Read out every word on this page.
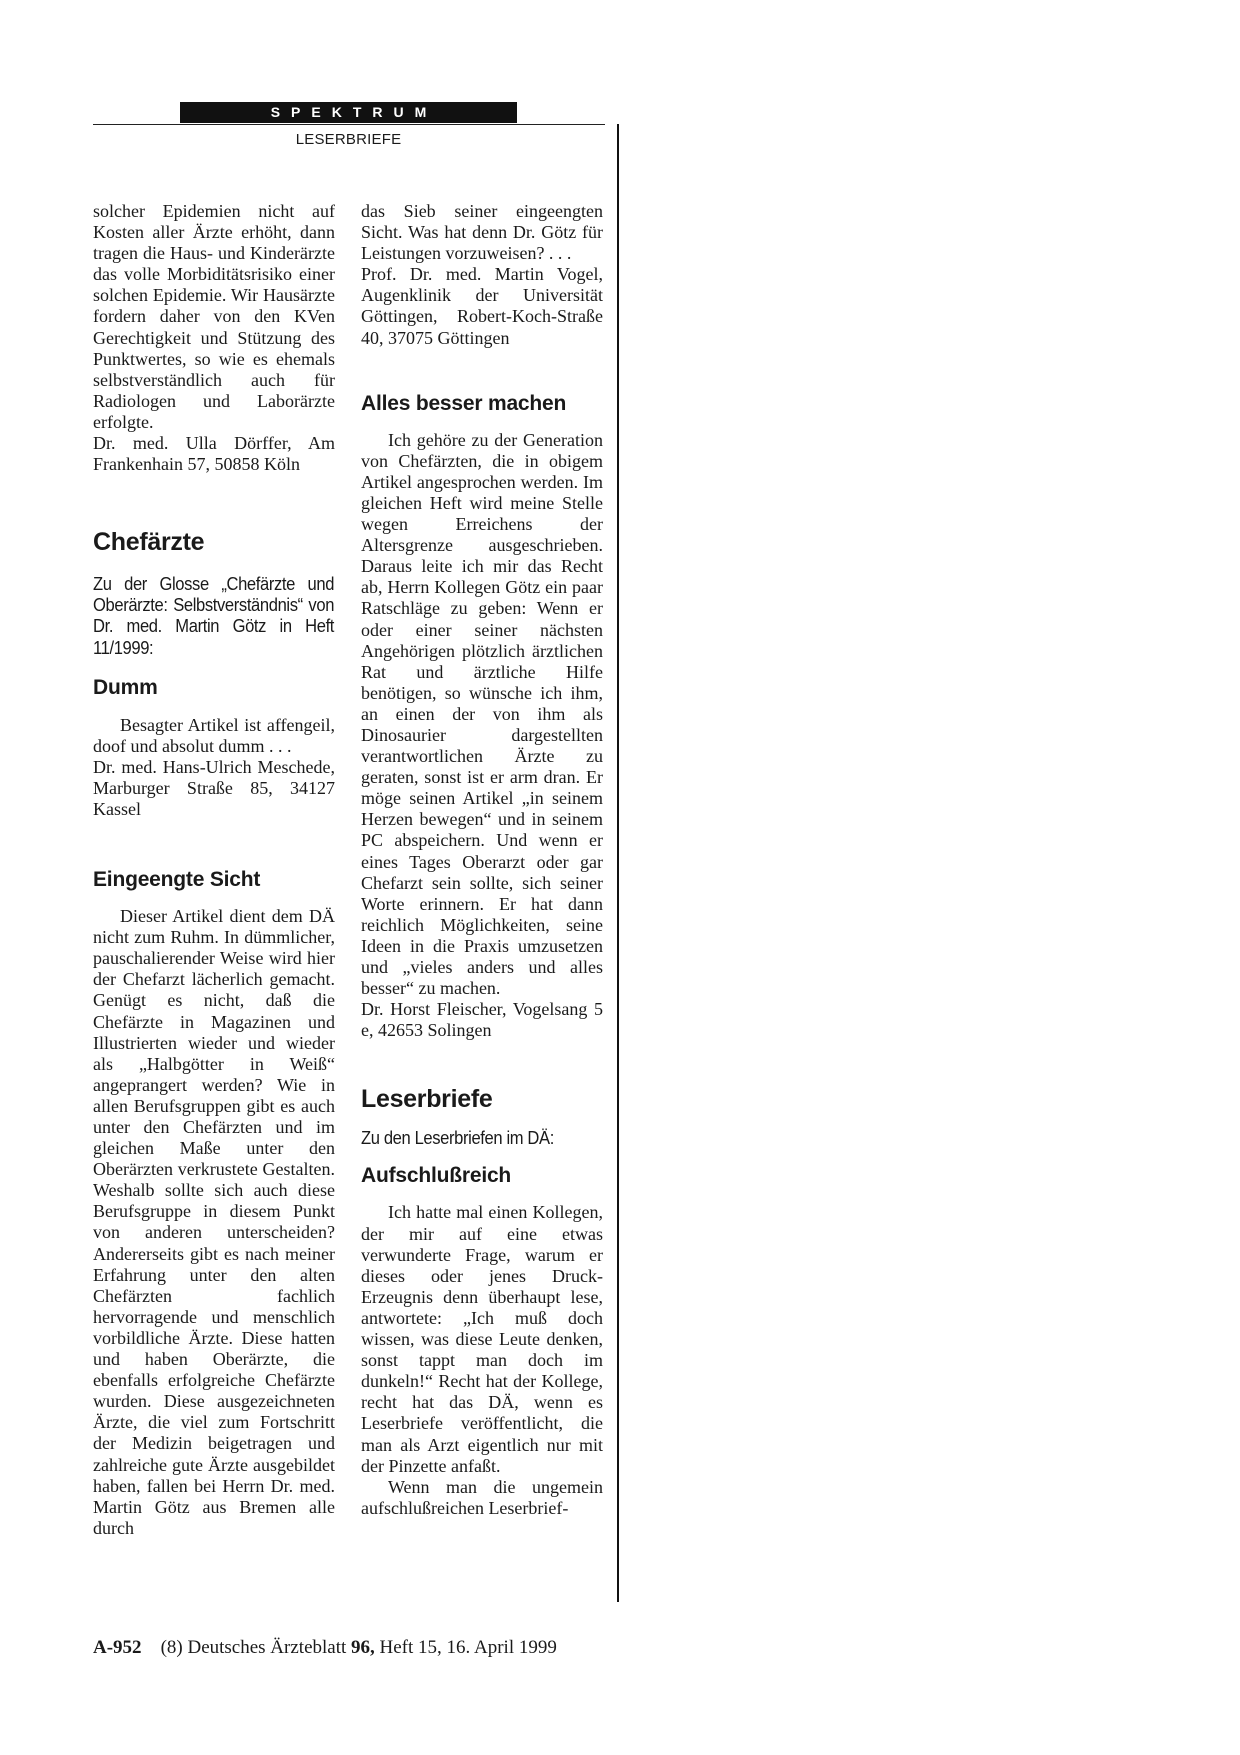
SPEKTRUM
LESERBRIEFE

solcher Epidemien nicht auf Kosten aller Ärzte erhöht, dann tragen die Haus- und Kinderärzte das volle Morbiditätsrisiko einer solchen Epidemie. Wir Hausärzte fordern daher von den KVen Gerechtigkeit und Stützung des Punktwertes, so wie es ehemals selbstverständlich auch für Radiologen und Laborärzte erfolgte.

Dr. med. Ulla Dörffer, Am Frankenhain 57, 50858 Köln

Chefärzte

Zu der Glosse „Chefärzte und Oberärzte: Selbstverständnis“ von Dr. med. Martin Götz in Heft 11/1999:

Dumm

Besagter Artikel ist affengeil, doof und absolut dumm . . .

Dr. med. Hans-Ulrich Meschede, Marburger Straße 85, 34127 Kassel

Eingeengte Sicht

Dieser Artikel dient dem DÄ nicht zum Ruhm. In dümmlicher, pauschalierender Weise wird hier der Chefarzt lächerlich gemacht. Genügt es nicht, daß die Chefärzte in Magazinen und Illustrierten wieder und wieder als „Halbgötter in Weiß“ angeprangert werden? Wie in allen Berufsgruppen gibt es auch unter den Chefärzten und im gleichen Maße unter den Oberärzten verkrustete Gestalten. Weshalb sollte sich auch diese Berufsgruppe in diesem Punkt von anderen unterscheiden? Andererseits gibt es nach meiner Erfahrung unter den alten Chefärzten fachlich hervorragende und menschlich vorbildliche Ärzte. Diese hatten und haben Oberärzte, die ebenfalls erfolgreiche Chefärzte wurden. Diese ausgezeichneten Ärzte, die viel zum Fortschritt der Medizin beigetragen und zahlreiche gute Ärzte ausgebildet haben, fallen bei Herrn Dr. med. Martin Götz aus Bremen alle durch

das Sieb seiner eingeengten Sicht. Was hat denn Dr. Götz für Leistungen vorzuweisen? . . .

Prof. Dr. med. Martin Vogel, Augenklinik der Universität Göttingen, Robert-Koch-Straße 40, 37075 Göttingen

Alles besser machen

Ich gehöre zu der Generation von Chefärzten, die in obigem Artikel angesprochen werden. Im gleichen Heft wird meine Stelle wegen Erreichens der Altersgrenze ausgeschrieben. Daraus leite ich mir das Recht ab, Herrn Kollegen Götz ein paar Ratschläge zu geben: Wenn er oder einer seiner nächsten Angehörigen plötzlich ärztlichen Rat und ärztliche Hilfe benötigen, so wünsche ich ihm, an einen der von ihm als Dinosaurier dargestellten verantwortlichen Ärzte zu geraten, sonst ist er arm dran. Er möge seinen Artikel „in seinem Herzen bewegen“ und in seinem PC abspeichern. Und wenn er eines Tages Oberarzt oder gar Chefarzt sein sollte, sich seiner Worte erinnern. Er hat dann reichlich Möglichkeiten, seine Ideen in die Praxis umzusetzen und „vieles anders und alles besser“ zu machen.

Dr. Horst Fleischer, Vogelsang 5 e, 42653 Solingen

Leserbriefe

Zu den Leserbriefen im DÄ:

Aufschlußreich

Ich hatte mal einen Kollegen, der mir auf eine etwas verwunderte Frage, warum er dieses oder jenes Druck-Erzeugnis denn überhaupt lese, antwortete: „Ich muß doch wissen, was diese Leute denken, sonst tappt man doch im dunkeln!“ Recht hat der Kollege, recht hat das DÄ, wenn es Leserbriefe veröffentlicht, die man als Arzt eigentlich nur mit der Pinzette anfaßt.

Wenn man die ungemein aufschlußreichen Leserbrief-

A-952 (8) Deutsches Ärzteblatt 96, Heft 15, 16. April 1999
